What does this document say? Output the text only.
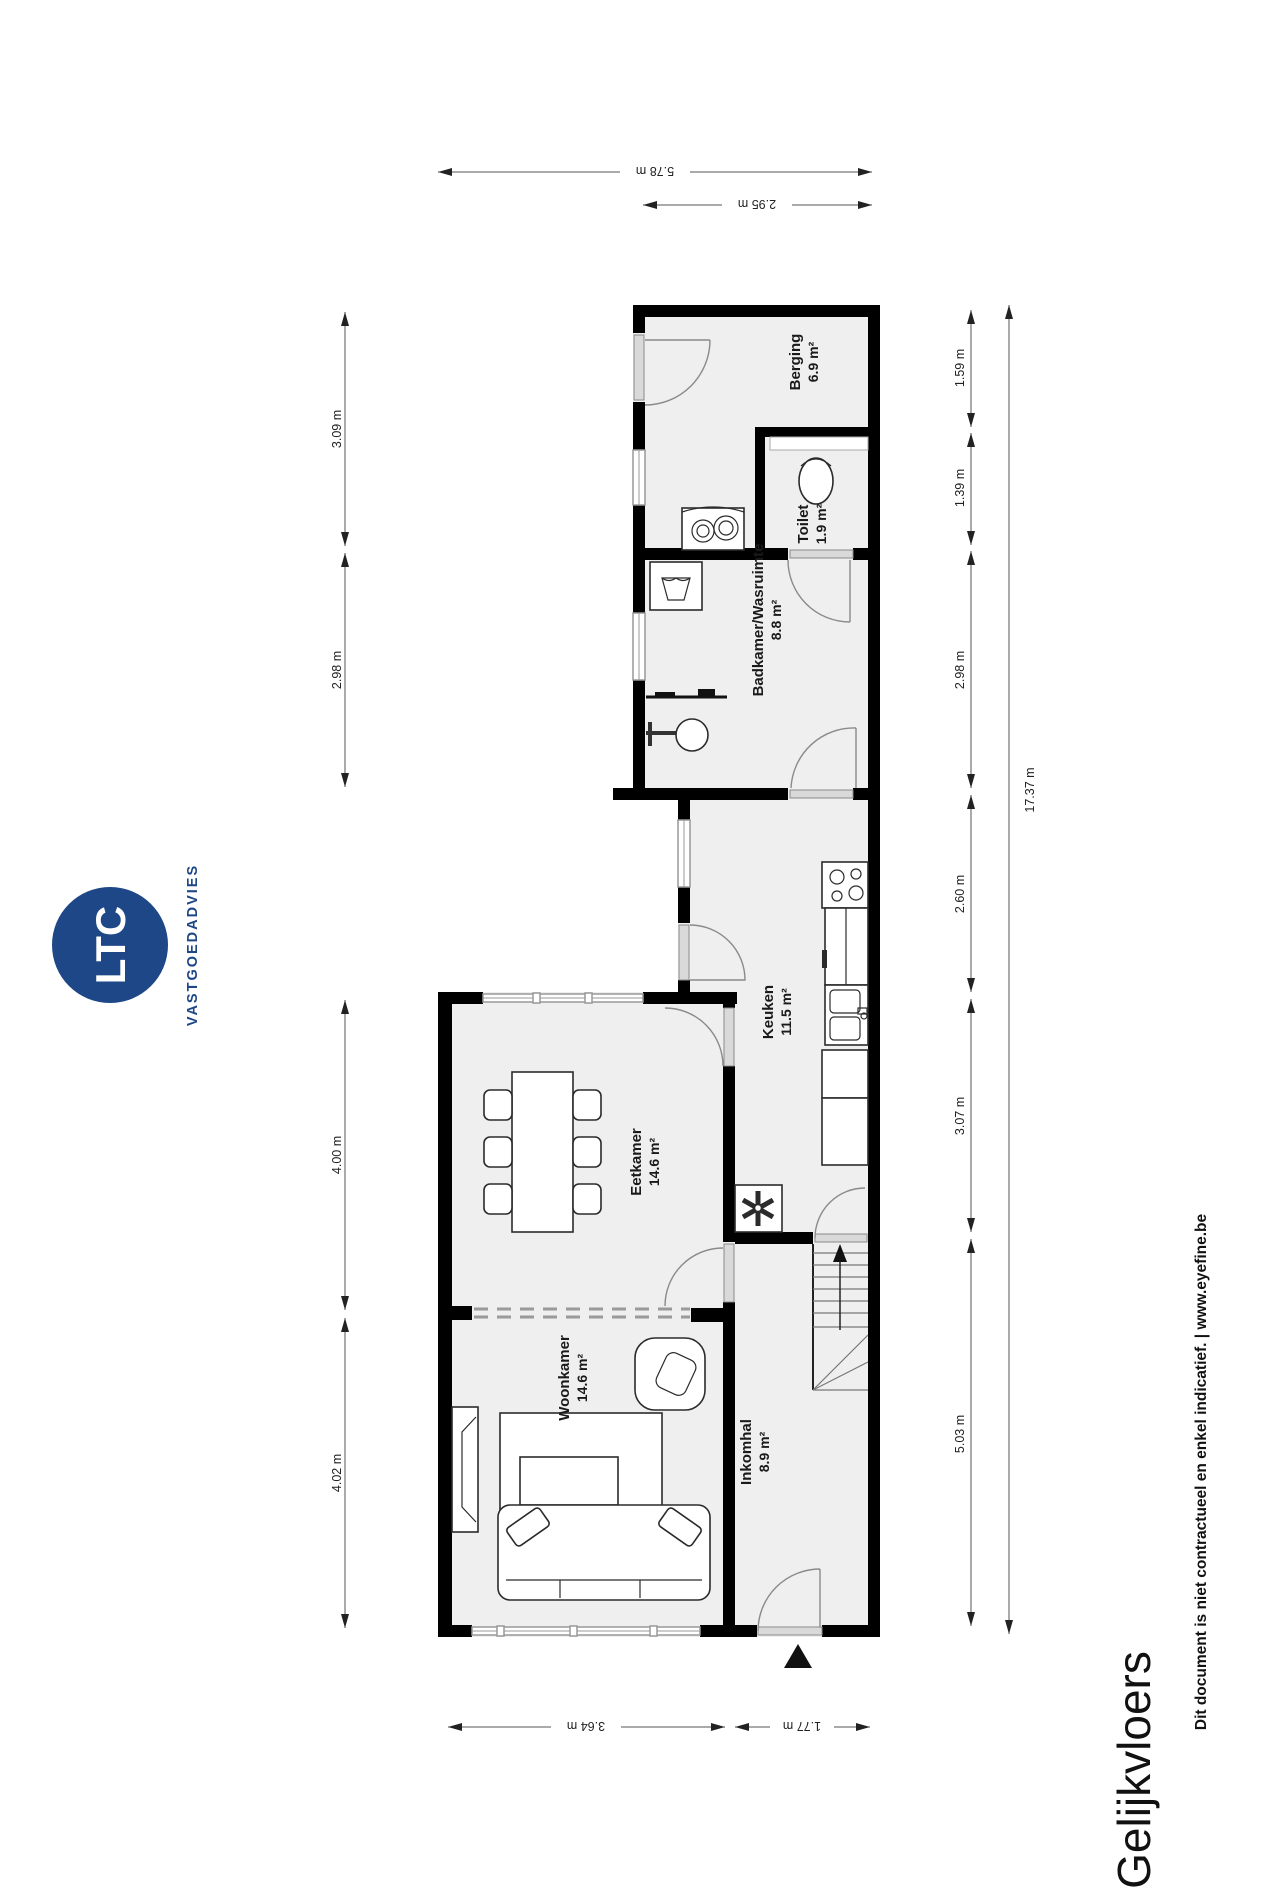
Berging 6.9 m²
Toilet 1.9 m²
Badkamer/Wasruimte 8.8 m²
Keuken 11.5 m²
Eetkamer 14.6 m²
Woonkamer 14.6 m²
Inkomhal 8.9 m²
5.78 m
2.95 m
3.64 m	1.77 m
3.09 m
2.98 m
4.00 m
4.02 m
1.59 m
1.39 m
2.98 m
2.60 m
3.07 m
5.03 m
17.37 m
LTC	VASTGOEDADVIES
Gelijkvloers
Dit document is niet contractueel en enkel indicatief. | www.eyefine.be
